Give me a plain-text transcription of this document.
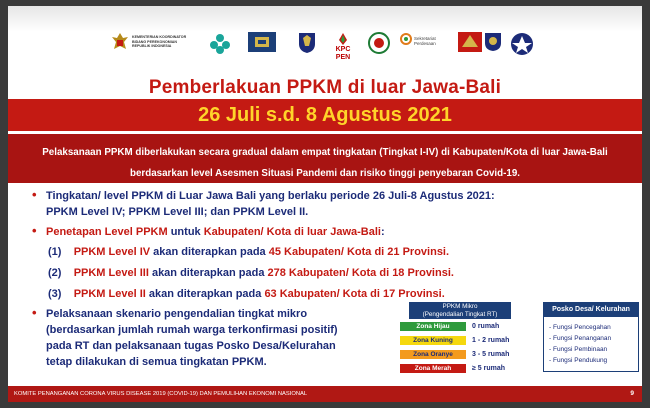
KEMENTERIAN KOORDINATOR BIDANG PEREKONOMIAN REPUBLIK INDONESIA	KPC PEN
Sekretariat Perdesaan
Pemberlakuan PPKM di luar Jawa-Bali
26 Juli s.d. 8 Agustus 2021
Pelaksanaan PPKM diberlakukan secara gradual dalam empat tingkatan (Tingkat I-IV) di Kabupaten/Kota di luar Jawa-Bali
berdasarkan level Asesmen Situasi Pandemi dan risiko tinggi penyebaran Covid-19.
• Tingkatan/ level PPKM di Luar Jawa Bali yang berlaku periode 26 Juli-8 Agustus 2021:
PPKM Level IV; PPKM Level III; dan PPKM Level II.
• Penetapan Level PPKM untuk Kabupaten/ Kota di luar Jawa-Bali:
(1) PPKM Level IV akan diterapkan pada 45 Kabupaten/ Kota di 21 Provinsi.
(2) PPKM Level III akan diterapkan pada 278 Kabupaten/ Kota di 18 Provinsi.
(3) PPKM Level II akan diterapkan pada 63 Kabupaten/ Kota di 17 Provinsi.
• Pelaksanaan skenario pengendalian tingkat mikro
(berdasarkan jumlah rumah warga terkonfirmasi positif)
pada RT dan pelaksanaan tugas Posko Desa/Kelurahan
tetap dilakukan di semua tingkatan PPKM.
PPKM Mikro
(Pengendalian Tingkat RT)
Zona Hijau	0 rumah
Zona Kuning	1 - 2 rumah
Zona Oranye	3 - 5 rumah
Zona Merah	≥ 5 rumah
Posko Desa/ Kelurahan
- Fungsi Pencegahan
- Fungsi Penanganan
- Fungsi Pembinaan
- Fungsi Pendukung
KOMITE PENANGANAN CORONA VIRUS DISEASE 2019 (COVID-19) DAN PEMULIHAN EKONOMI NASIONAL	9
